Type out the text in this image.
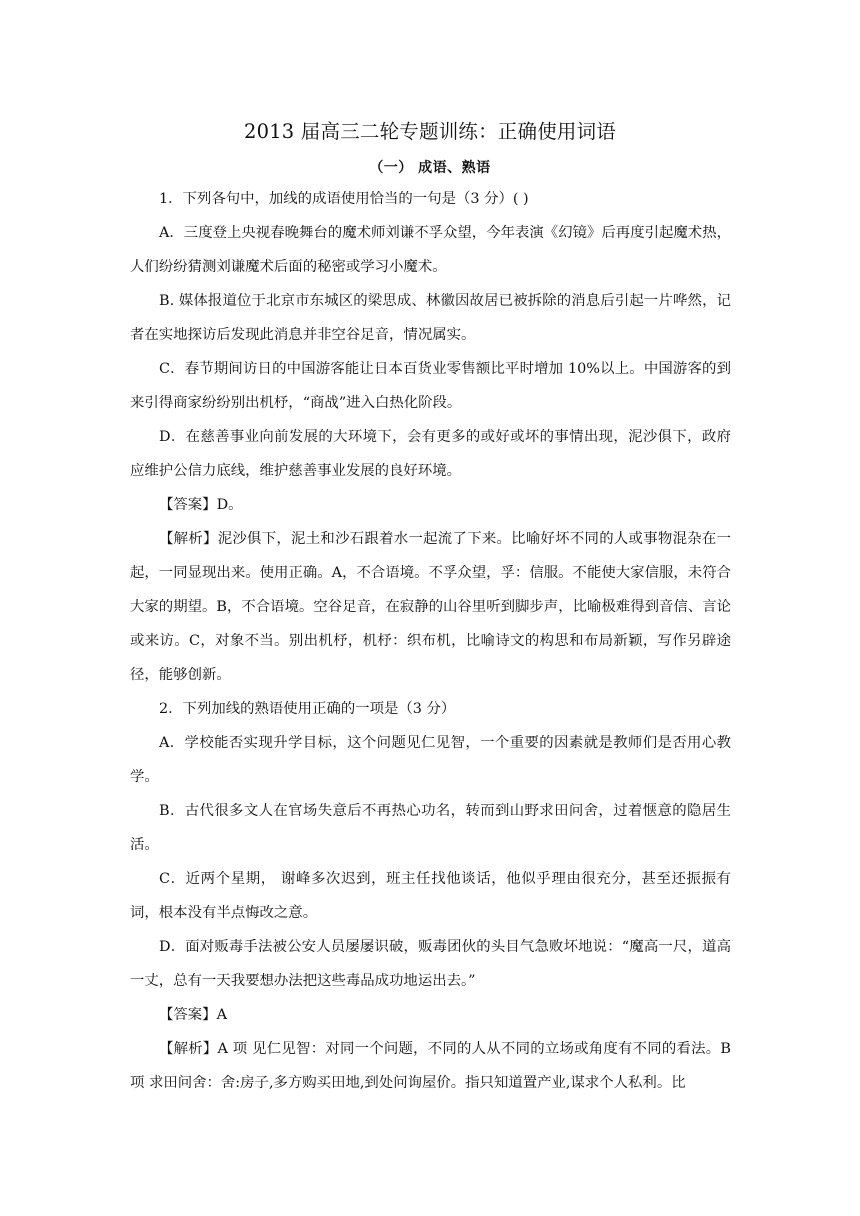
2013 届高三二轮专题训练：正确使用词语
（一） 成语、熟语
1．下列各句中，加线的成语使用恰当的一句是（3 分）( )
A．三度登上央视春晚舞台的魔术师刘谦不孚众望，今年表演《幻镜》后再度引起魔术热，人们纷纷猜测刘谦魔术后面的秘密或学习小魔术。
B. 媒体报道位于北京市东城区的梁思成、林徽因故居已被拆除的消息后引起一片哗然，记者在实地探访后发现此消息并非空谷足音，情况属实。
C．春节期间访日的中国游客能让日本百货业零售额比平时增加 10%以上。中国游客的到来引得商家纷纷别出机杼，“商战”进入白热化阶段。
D．在慈善事业向前发展的大环境下，会有更多的或好或坏的事情出现，泥沙俱下，政府应维护公信力底线，维护慈善事业发展的良好环境。
【答案】D。
【解析】泥沙俱下，泥土和沙石跟着水一起流了下来。比喻好坏不同的人或事物混杂在一起，一同显现出来。使用正确。A，不合语境。不孚众望，孚：信服。不能使大家信服，未符合大家的期望。B，不合语境。空谷足音，在寂静的山谷里听到脚步声，比喻极难得到音信、言论或来访。C，对象不当。别出机杼，机杼：织布机，比喻诗文的构思和布局新颖，写作另辟途径，能够创新。
2．下列加线的熟语使用正确的一项是（3 分）
A．学校能否实现升学目标，这个问题见仁见智，一个重要的因素就是教师们是否用心教学。
B．古代很多文人在官场失意后不再热心功名，转而到山野求田问舍，过着惬意的隐居生活。
C．近两个星期， 谢峰多次迟到，班主任找他谈话，他似乎理由很充分，甚至还振振有词，根本没有半点悔改之意。
D．面对贩毒手法被公安人员屡屡识破，贩毒团伙的头目气急败坏地说：“魔高一尺，道高一丈，总有一天我要想办法把这些毒品成功地运出去。”
【答案】A
【解析】A 项 见仁见智：对同一个问题，不同的人从不同的立场或角度有不同的看法。B 项 求田问舍：舍:房子,多方购买田地,到处问询屋价。指只知道置产业,谋求个人私利。比
